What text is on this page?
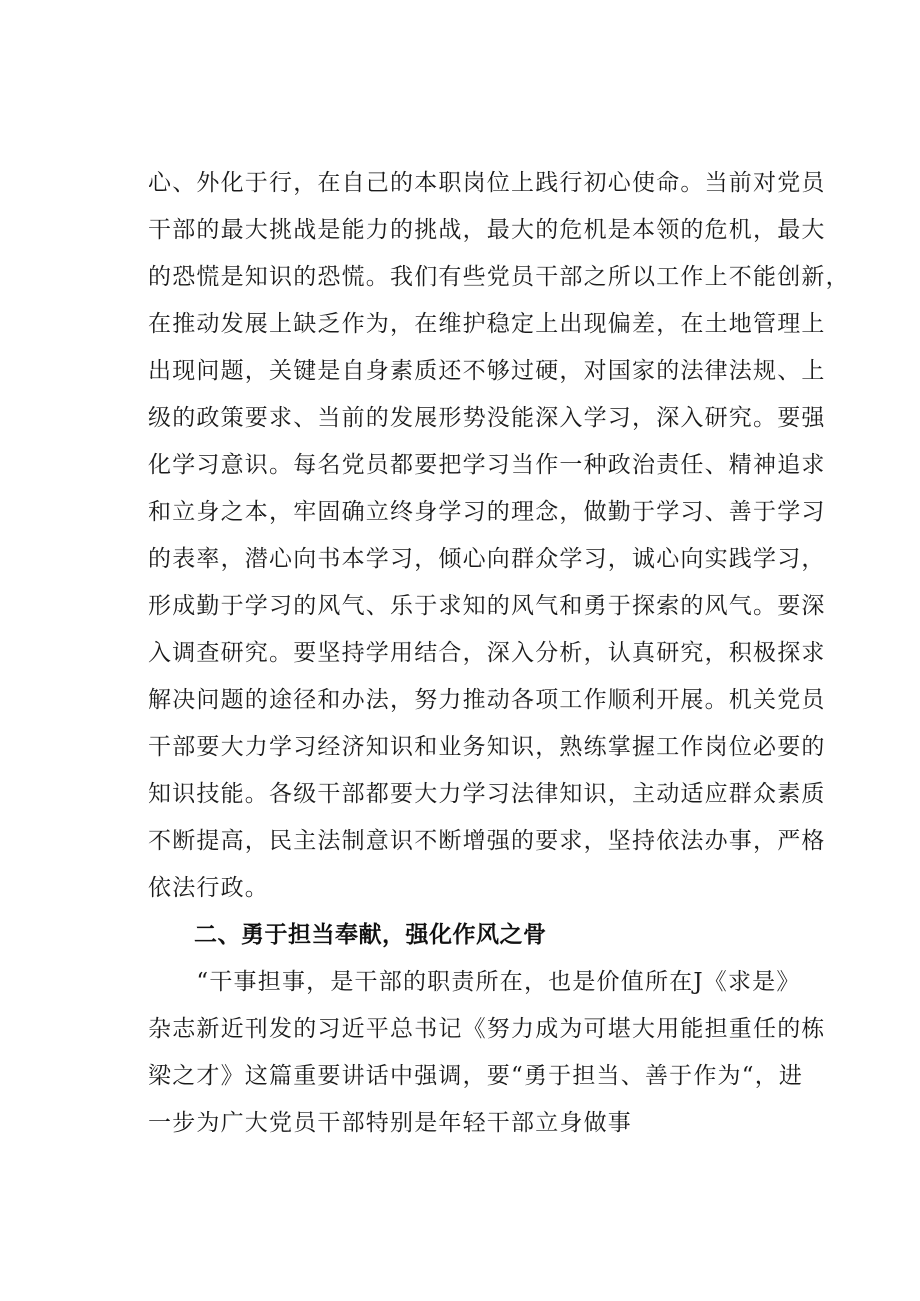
心、外化于行，在自己的本职岗位上践行初心使命。当前对党员
干部的最大挑战是能力的挑战，最大的危机是本领的危机，最大
的恐慌是知识的恐慌。我们有些党员干部之所以工作上不能创新，
在推动发展上缺乏作为，在维护稳定上出现偏差，在土地管理上
出现问题，关键是自身素质还不够过硬，对国家的法律法规、上
级的政策要求、当前的发展形势没能深入学习，深入研究。要强
化学习意识。每名党员都要把学习当作一种政治责任、精神追求
和立身之本，牢固确立终身学习的理念，做勤于学习、善于学习
的表率，潜心向书本学习，倾心向群众学习，诚心向实践学习，
形成勤于学习的风气、乐于求知的风气和勇于探索的风气。要深
入调查研究。要坚持学用结合，深入分析，认真研究，积极探求
解决问题的途径和办法，努力推动各项工作顺利开展。机关党员
干部要大力学习经济知识和业务知识，熟练掌握工作岗位必要的
知识技能。各级干部都要大力学习法律知识，主动适应群众素质
不断提高，民主法制意识不断增强的要求，坚持依法办事，严格
依法行政。
二、勇于担当奉献，强化作风之骨
　　“干事担事，是干部的职责所在，也是价值所在J《求是》
杂志新近刊发的习近平总书记《努力成为可堪大用能担重任的栋
梁之才》这篇重要讲话中强调，要“勇于担当、善于作为“，进
一步为广大党员干部特别是年轻干部立身做事
